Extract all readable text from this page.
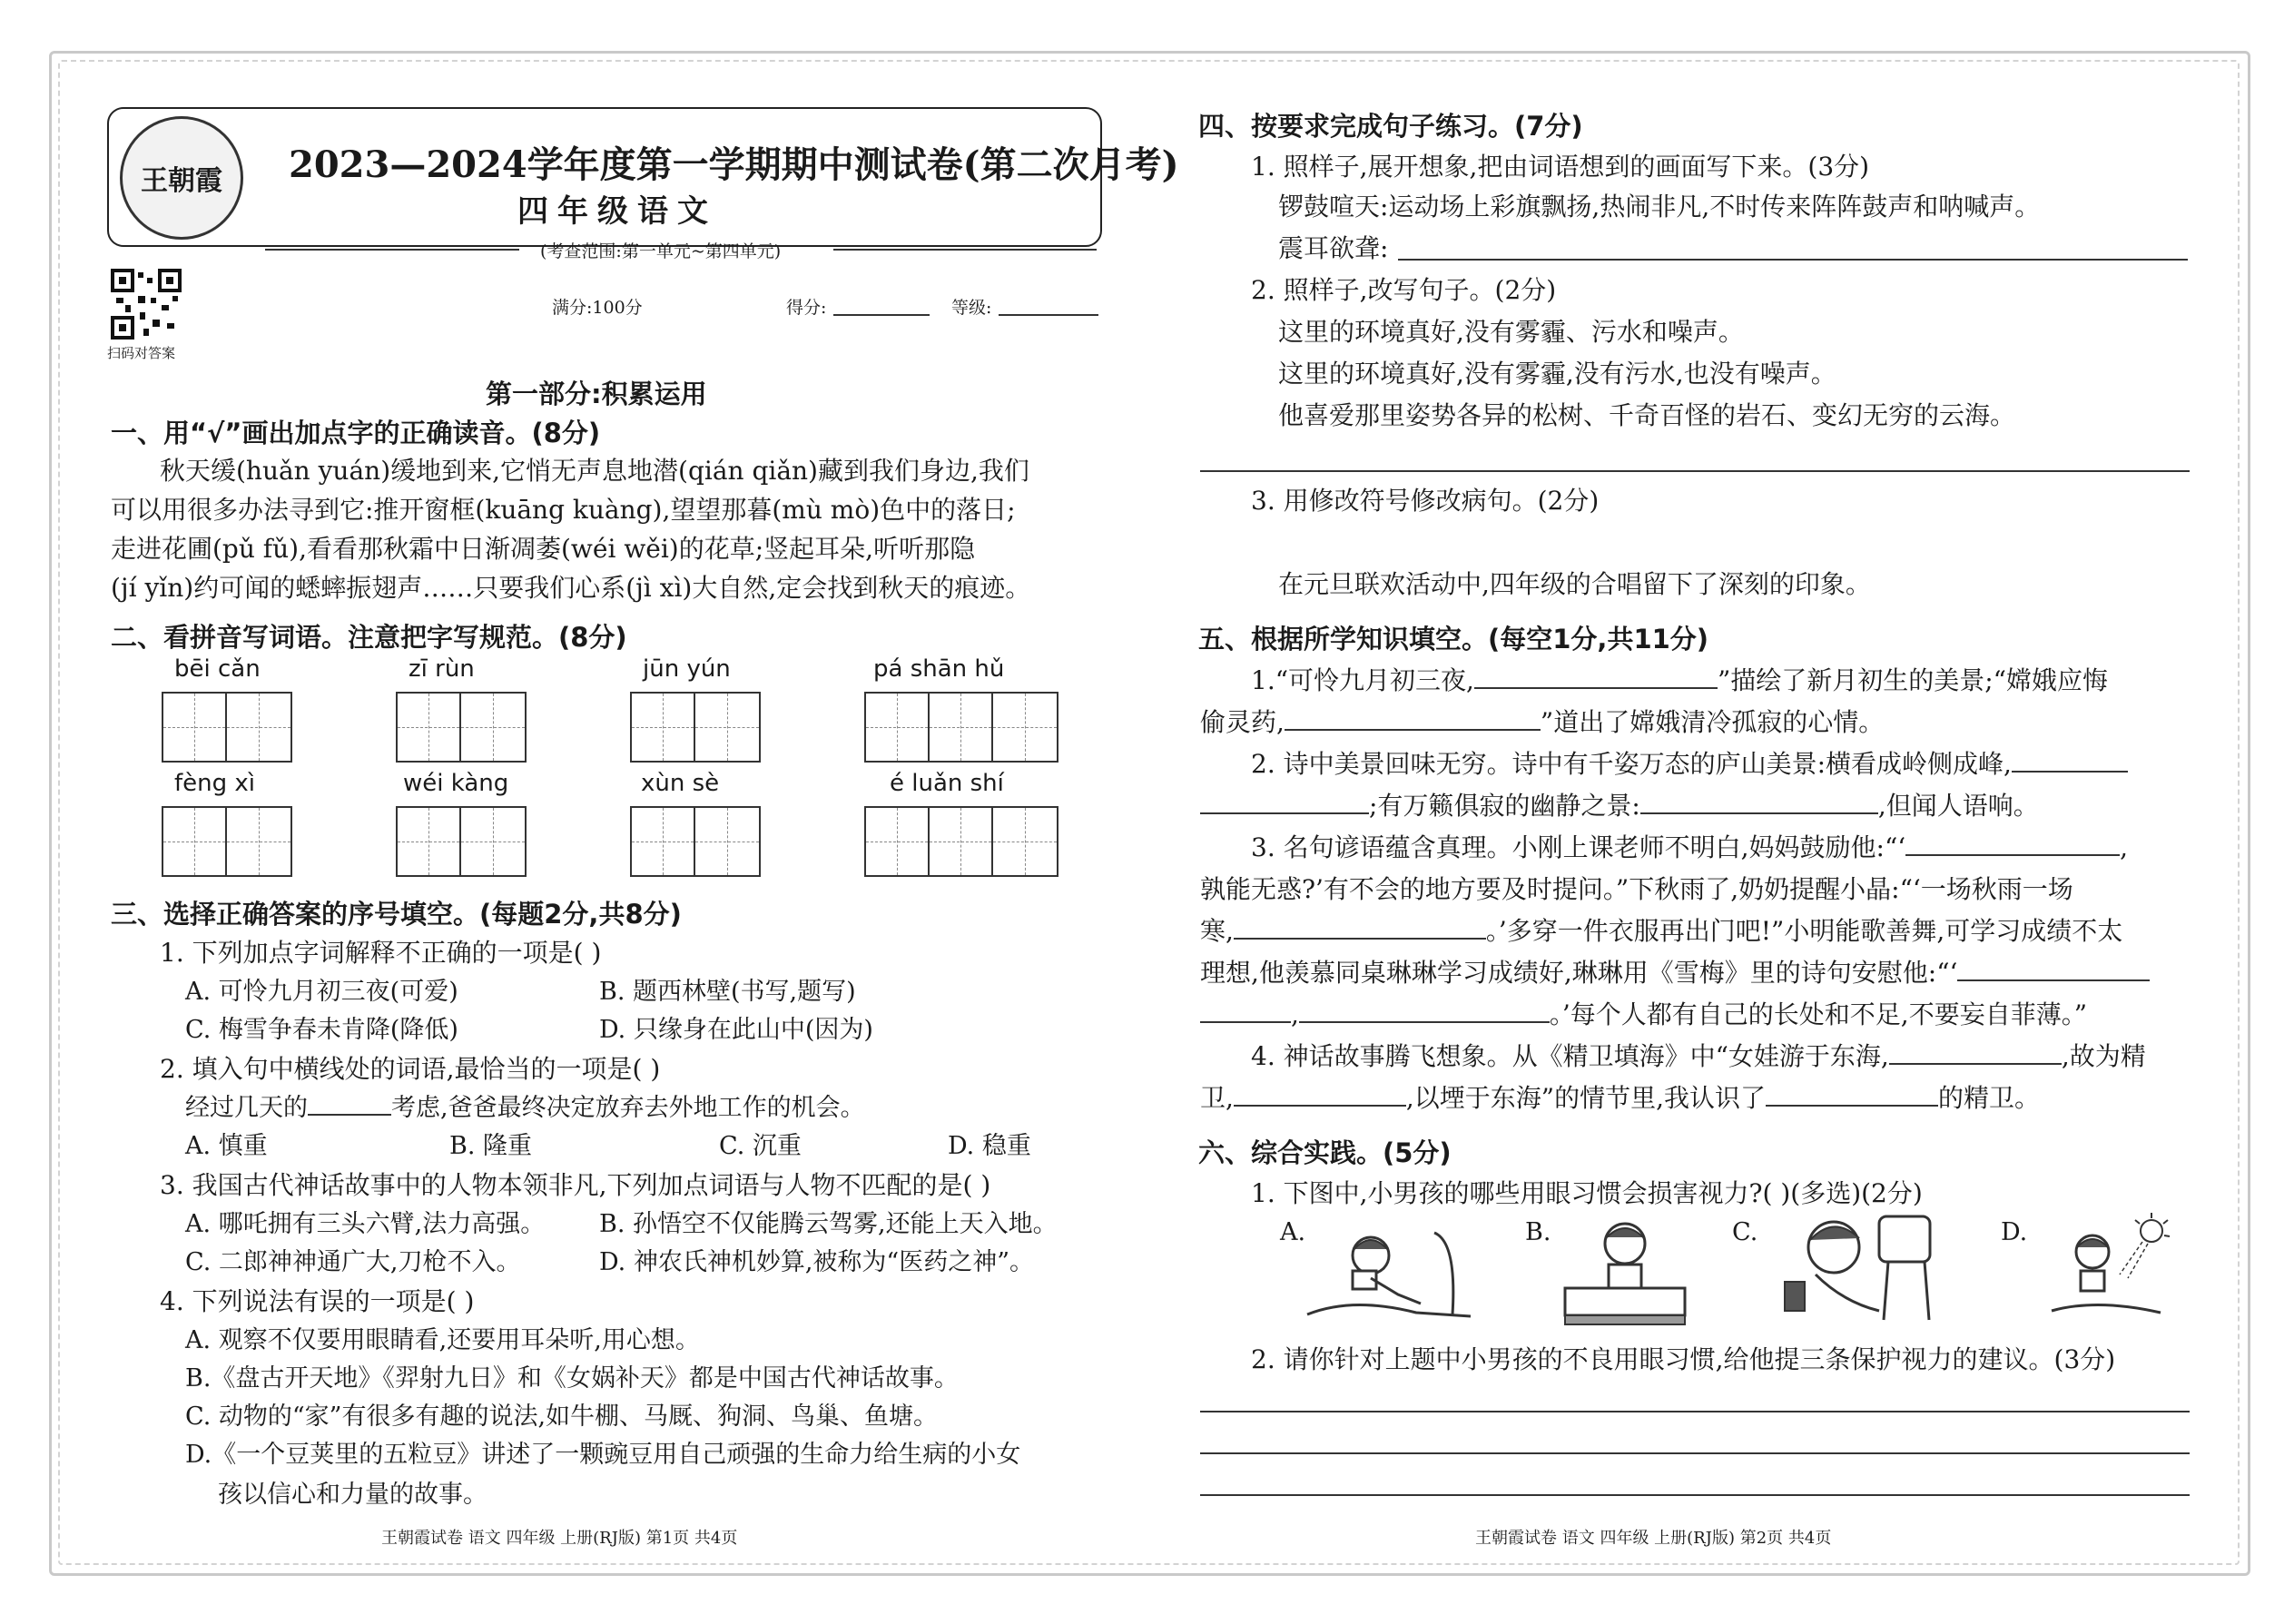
王朝霞 2023—2024学年度第一学期期中测试卷(第二次月考)
四年级语文
(考查范围:第一单元~第四单元)
扫码对答案
满分:100分	得分:	等级:
第一部分:积累运用
一、用“√”画出加点字的正确读音。(8分)
秋天缓(huǎn yuán)缓地到来,它悄无声息地潜(qián qiǎn)藏到我们身边,我们
可以用很多办法寻到它:推开窗框(kuāng kuàng),望望那暮(mù mò)色中的落日;
走进花圃(pǔ fǔ),看看那秋霜中日渐凋萎(wéi wěi)的花草;竖起耳朵,听听那隐
(jí yǐn)约可闻的蟋蟀振翅声……只要我们心系(jì xì)大自然,定会找到秋天的痕迹。
二、看拼音写词语。注意把字写规范。(8分)
bēi cǎn	zī rùn	jūn yún	pá shān hǔ
fèng xì	wéi kàng	xùn sè	é luǎn shí
三、选择正确答案的序号填空。(每题2分,共8分)
1. 下列加点字词解释不正确的一项是( )
A. 可怜九月初三夜(可爱)	B. 题西林壁(书写,题写)
C. 梅雪争春未肯降(降低)	D. 只缘身在此山中(因为)
2. 填入句中横线处的词语,最恰当的一项是( )
经过几天的	考虑,爸爸最终决定放弃去外地工作的机会。
A. 慎重	B. 隆重	C. 沉重	D. 稳重
3. 我国古代神话故事中的人物本领非凡,下列加点词语与人物不匹配的是( )
A. 哪吒拥有三头六臂,法力高强。 B. 孙悟空不仅能腾云驾雾,还能上天入地。
C. 二郎神神通广大,刀枪不入。	D. 神农氏神机妙算,被称为“医药之神”。
4. 下列说法有误的一项是( )
A. 观察不仅要用眼睛看,还要用耳朵听,用心想。
B.《盘古开天地》《羿射九日》和《女娲补天》都是中国古代神话故事。
C. 动物的“家”有很多有趣的说法,如牛棚、马厩、狗洞、鸟巢、鱼塘。
D.《一个豆荚里的五粒豆》讲述了一颗豌豆用自己顽强的生命力给生病的小女
孩以信心和力量的故事。
王朝霞试卷 语文 四年级 上册(RJ版) 第1页 共4页
四、按要求完成句子练习。(7分)
1. 照样子,展开想象,把由词语想到的画面写下来。(3分)
锣鼓喧天:运动场上彩旗飘扬,热闹非凡,不时传来阵阵鼓声和呐喊声。
震耳欲聋:
2. 照样子,改写句子。(2分)
这里的环境真好,没有雾霾、污水和噪声。
这里的环境真好,没有雾霾,没有污水,也没有噪声。
他喜爱那里姿势各异的松树、千奇百怪的岩石、变幻无穷的云海。
3. 用修改符号修改病句。(2分)
在元旦联欢活动中,四年级的合唱留下了深刻的印象。
五、根据所学知识填空。(每空1分,共11分)
1.“可怜九月初三夜,	”描绘了新月初生的美景;“嫦娥应悔
偷灵药,	”道出了嫦娥清冷孤寂的心情。
2. 诗中美景回味无穷。诗中有千姿万态的庐山美景:横看成岭侧成峰,
;有万籁俱寂的幽静之景:	,但闻人语响。
3. 名句谚语蕴含真理。小刚上课老师不明白,妈妈鼓励他:“‘	,
孰能无惑?’有不会的地方要及时提问。”下秋雨了,奶奶提醒小晶:“‘一场秋雨一场
寒,	。’多穿一件衣服再出门吧!”小明能歌善舞,可学习成绩不太
理想,他羡慕同桌琳琳学习成绩好,琳琳用《雪梅》里的诗句安慰他:“‘
,	。’每个人都有自己的长处和不足,不要妄自菲薄。”
4. 神话故事腾飞想象。从《精卫填海》中“女娃游于东海,	,故为精
卫,	,以堙于东海”的情节里,我认识了	的精卫。
六、综合实践。(5分)
1. 下图中,小男孩的哪些用眼习惯会损害视力?( )(多选)(2分)
A.	B.	C.	D.
2. 请你针对上题中小男孩的不良用眼习惯,给他提三条保护视力的建议。(3分)
王朝霞试卷 语文 四年级 上册(RJ版) 第2页 共4页
